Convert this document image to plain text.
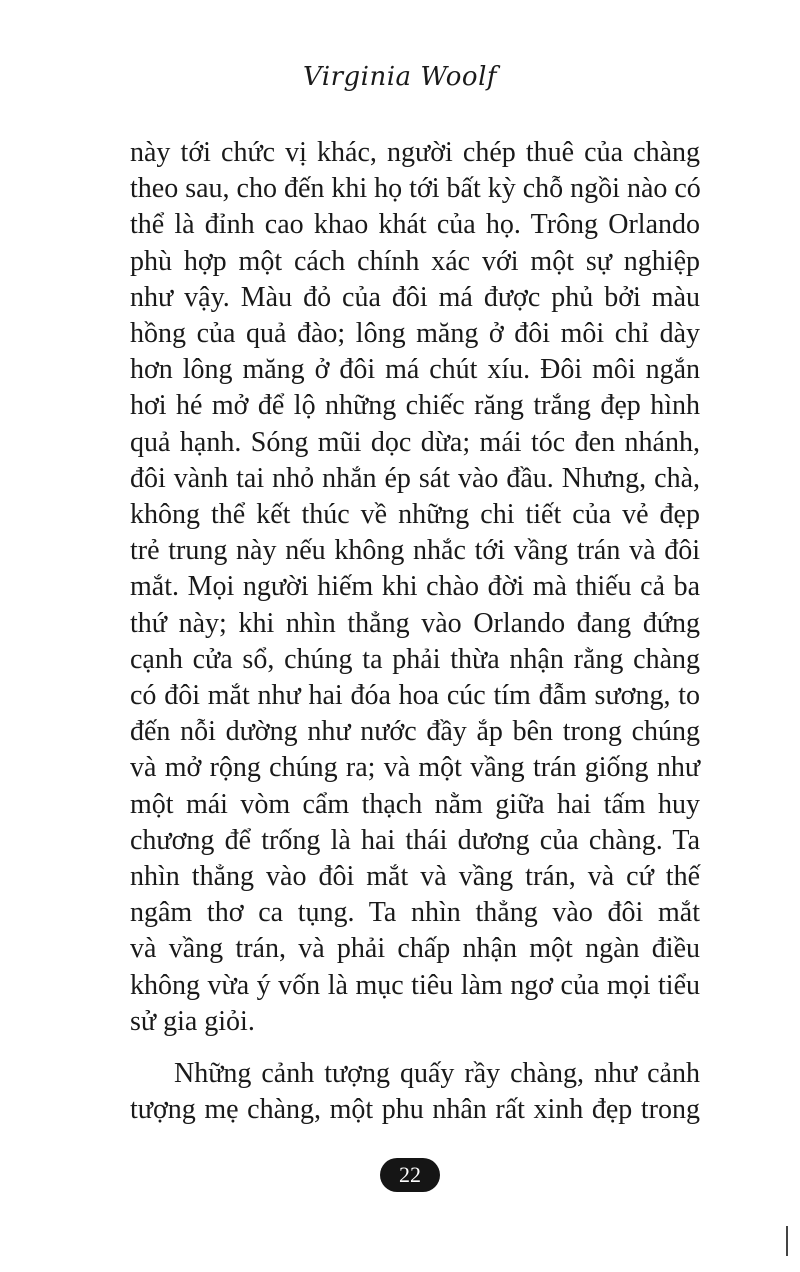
Virginia Woolf
này tới chức vị khác, người chép thuê của chàng
theo sau, cho đến khi họ tới bất kỳ chỗ ngồi nào có
thể là đỉnh cao khao khát của họ. Trông Orlando
phù hợp một cách chính xác với một sự nghiệp
như vậy. Màu đỏ của đôi má được phủ bởi màu
hồng của quả đào; lông măng ở đôi môi chỉ dày
hơn lông măng ở đôi má chút xíu. Đôi môi ngắn
hơi hé mở để lộ những chiếc răng trắng đẹp hình
quả hạnh. Sóng mũi dọc dừa; mái tóc đen nhánh,
đôi vành tai nhỏ nhắn ép sát vào đầu. Nhưng, chà,
không thể kết thúc về những chi tiết của vẻ đẹp
trẻ trung này nếu không nhắc tới vầng trán và đôi
mắt. Mọi người hiếm khi chào đời mà thiếu cả ba
thứ này; khi nhìn thẳng vào Orlando đang đứng
cạnh cửa sổ, chúng ta phải thừa nhận rằng chàng
có đôi mắt như hai đóa hoa cúc tím đẫm sương, to
đến nỗi dường như nước đầy ắp bên trong chúng
và mở rộng chúng ra; và một vầng trán giống như
một mái vòm cẩm thạch nằm giữa hai tấm huy
chương để trống là hai thái dương của chàng. Ta
nhìn thẳng vào đôi mắt và vầng trán, và cứ thế
ngâm thơ ca tụng. Ta nhìn thẳng vào đôi mắt
và vầng trán, và phải chấp nhận một ngàn điều
không vừa ý vốn là mục tiêu làm ngơ của mọi tiểu
sử gia giỏi.
Những cảnh tượng quấy rầy chàng, như cảnh
tượng mẹ chàng, một phu nhân rất xinh đẹp trong
22
